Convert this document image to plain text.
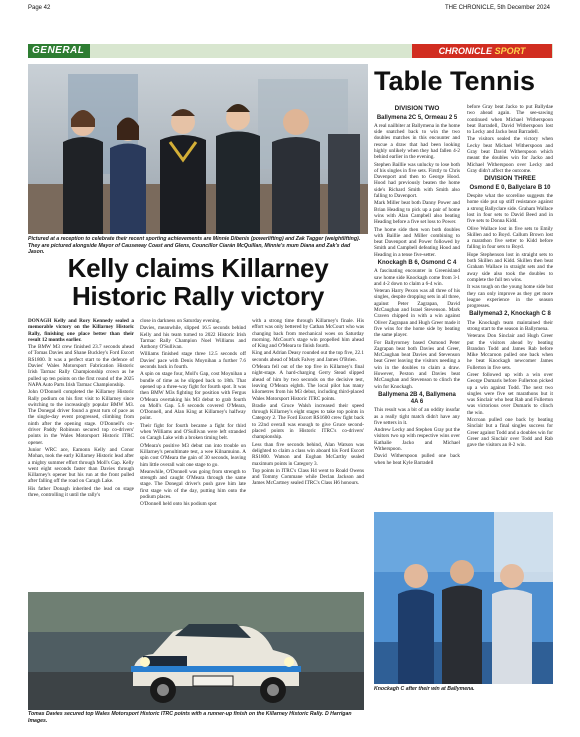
Page 42	THE CHRONICLE, 5th December 2024
GENERAL	CHRONICLE SPORT
Pictured at a reception to celebrate their recent sporting achievements are Minnie Dibenis (powerlifting) and Zak Tagger (weightlifting). They are pictured alongside Mayor of Causeway Coast and Glens, Councillor Ciarán McQuillan, Minnie's mum Diana and Zak's dad Jason.
Kelly claims Killarney Historic Rally victory

DONAGH Kelly and Rory Kennedy sealed a memorable victory on the Killarney Historic Rally, finishing one place better than their result 12 months earlier.

The BMW M3 crew finished 23.7 seconds ahead of Tomas Davies and Shane Buckley's Ford Escort RS1800. It was a perfect start to the defence of Davies' Wales Motorsport Fabrication Historic Irish Tarmac Rally Championship crown as he pulled up ten points on the first round of the 2025 NAPA Auto Parts Irish Tarmac Championship.

John O'Donnell completed the Killarney Historic Rally podium on his first visit to Killarney since switching to the increasingly popular BMW M3. The Donegal driver found a great turn of pace as the single-day event progressed, climbing from ninth after the opening stage. O'Donnell's co-driver Paddy Robinson secured top co-drivers' points in the Wales Motorsport Historic ITRC opener.

Junior WRC ace, Eamonn Kelly and Conor Mohan, took the early Killarney Historic lead after a mighty summer effort through Moll's Gap. Kelly went eight seconds faster than Davies through Killarney's opener but his run at the front pulled after falling off the road on Caragh Lake.

His father Donagh inherited the lead on stage three, controlling it until the rally's

close in darkness on Saturday evening.

Davies, meanwhile, slipped 16.5 seconds behind Kelly and his team turned to 2022 Historic Irish Tarmac Rally Champion Noel Williams and Anthony O'Sullivan.

Williams finished stage three 12.5 seconds off Davies' pace with Denis Moynihan a further 7.6 seconds back in fourth.

A spin on stage four, Moll's Gap, cost Moynihan a bundle of time as he slipped back to 18th. That opened up a three-way fight for fourth spot. It was then BMW M3s fighting for position with Fergus O'Meara overtaking his M3 debut to grab fourth on Moll's Gap. 5.6 seconds covered O'Meara, O'Donnell, and Alan King at Killarney's halfway point.

Their fight for fourth became a fight for third when Williams and O'Sullivan were left stranded on Caragh Lake with a broken timing belt.

O'Meara's positive M3 debut ran into trouble on Killarney's penultimate test, a wee Kilnamuinn. A spin cost O'Meara the gain of 30 seconds, leaving him little overall wait one stage to go.

Meanwhile, O'Donnell was going from strength to strength and caught O'Meara through the same stage. The Donegal driver's push gave him late first stage win of the day, putting him onto the podium places.

O'Donnell held onto his podium spot

with a strong time through Killarney's finale. His effort was only bettered by Cathan McCourt who was changing back from mechanical woes on Saturday morning. McCourt's stage win propelled him ahead of King and O'Meara to finish fourth.

King and Adrian Deasy rounded out the top five, 22.1 seconds ahead of Mark Falvey and James O'Brien.

O'Meara fell out of the top five in Killarney's final night-stage. A hard-charging Gerry Stead slipped ahead of him by two seconds on the decisive test, leaving O'Meara eighth. The local pilot has many kilometres from his M3 debut, including third-placed Wales Motorsport Historic ITRC points.

Bradie and Gruce Walsh increased their speed through Killarney's eight stages to take top points in Category 2. The Ford Escort RS1600 crew fight back to 22nd overall was enough to give Gruce second-placed points in Historic ITRC's co-drivers' championship.

Less than five seconds behind, Alan Watson was delighted to claim a class win aboard his Ford Escort RS1800. Watson and Eoghan McCarthy sealed maximum points in Category 3.

Top points in ITRC's Class H4 went to Roald Owens and Tommy Commane while Declan Jackson and James McCartney sealed ITRC's Class H6 honours.

Tomas Davies secured top Wales Motorsport Historic ITRC points with a runner-up finish on the Killarney Historic Rally. D Harrigan Images.
Table Tennis
DIVISION TWO
Ballymena 2C 5, Ormeau 2 5

A real nailbiter at Ballymena in the home side snatched back to win the two doubles matches in this encounter and rescue a draw that had been looking highly unlikely when they had fallen 4-2 behind earlier in the evening.

Stephen Baillie was unlucky to lose both of his singles in five sets. Firstly to Chris Davenport and then to George Hood. Hood had previously beaten the home side's Richard Smith with Smith also falling to Davenport.

Mark Miller beat both Danny Power and Brian Heading to pick up a pair of home wins with Alan Campbell also beating Heading before a five set loss to Power.

The home side then won both doubles with Baillie and Miller combining to beat Davenport and Power followed by Smith and Campbell defeating Hood and Heading in a tense five-setter.

Knockagh B 6, Osmond C 4

A fascinating encounter in Greenisland saw home side Knockagh come from 3-1 and 4-2 down to claim a 6-4 win.

Veteran Harry Pexon was all three of his singles, despite dropping sets in all three, against Peter Zagrapan, David McCaughan and Israel Stevenson. Mark Craven chipped in with a win against Oliver Zagrapan and Hugh Greer made it five wins for the home side by beating the same player.

For Ballyrorney based Osmond Peter Zagrapan beat both Davies and Greer, McCaughan beat Davies and Stevenson beat Greer leaving the visitors needing a win in the doubles to claim a draw. However, Pexton and Davies beat McCaughan and Stevenson to clinch the win for Knockagh.

Ballymena 2B 4, Ballymena 4A 6

This result was a bit of an oddity insofar as a really tight match didn't have any five setters in it.

Andrew Lecky and Stephen Gray put the visitors two up with respective wins over Kathalie Jacko and Michael Witherspoon.

David Witherspoon pulled one back when he beat Kyle Barradell

before Gray beat Jacko to put Ballydae two ahead again. The see-sawing continued when Michael Witherspoon beat Barradell, David Witherspoon lost to Lecky and Jacko beat Barradell.

The visitors sealed the victory when Lecky beat Michael Witherspoon and Gray beat David Witherspoon which meant the doubles win for Jacko and Michael Witherspoon over Lecky and Gray didn't affect the outcome.

DIVISION THREE
Osmond E 0, Ballyclare B 10

Despite what the scoreline suggests the home side put up stiff resistance against a strong Ballyclare side. Graham Wallace lost in four sets to David Beed and in five sets to Donna Kidd.

Olive Wallace lost in five sets to Emily Skillen and to Boyd. Callum Brown lost a marathon five setter to Kidd before falling in four sets to Boyd.

Hope Stephenson lost in straight sets to both Skillen and Kidd. Skillen then beat Graham Wallace in straight sets and the away side also took the doubles to complete the full ten wins.

It was tough on the young home side but they can only improve as they get more league experience in the season progresses.

Ballymena3 2, Knockagh C 8

The Knockagh team maintained their strong start to the season in Ballymena.

Veterans Don Sinclair and Hugh Greer put the visitors ahead by beating Brandon Todd and James Rab before Mike Mccaroon pulled one back when he beat Knockagh newcomer James Fullerton in five sets.

Greer followed up with a win over George Dumaris before Fullerton picked up a win against Todd. The next two singles were five set marathons but it was Sinclair who beat Rab and Fullerton was victorious over Dumaris to clinch the win.

Mccroan pulled one back by beating Sinclair but a final singles success for Greer against Todd and a doubles win for Greer and Sinclair over Todd and Rab gave the visitors an 8-2 win.

Knockagh C after their win at Ballymena.
